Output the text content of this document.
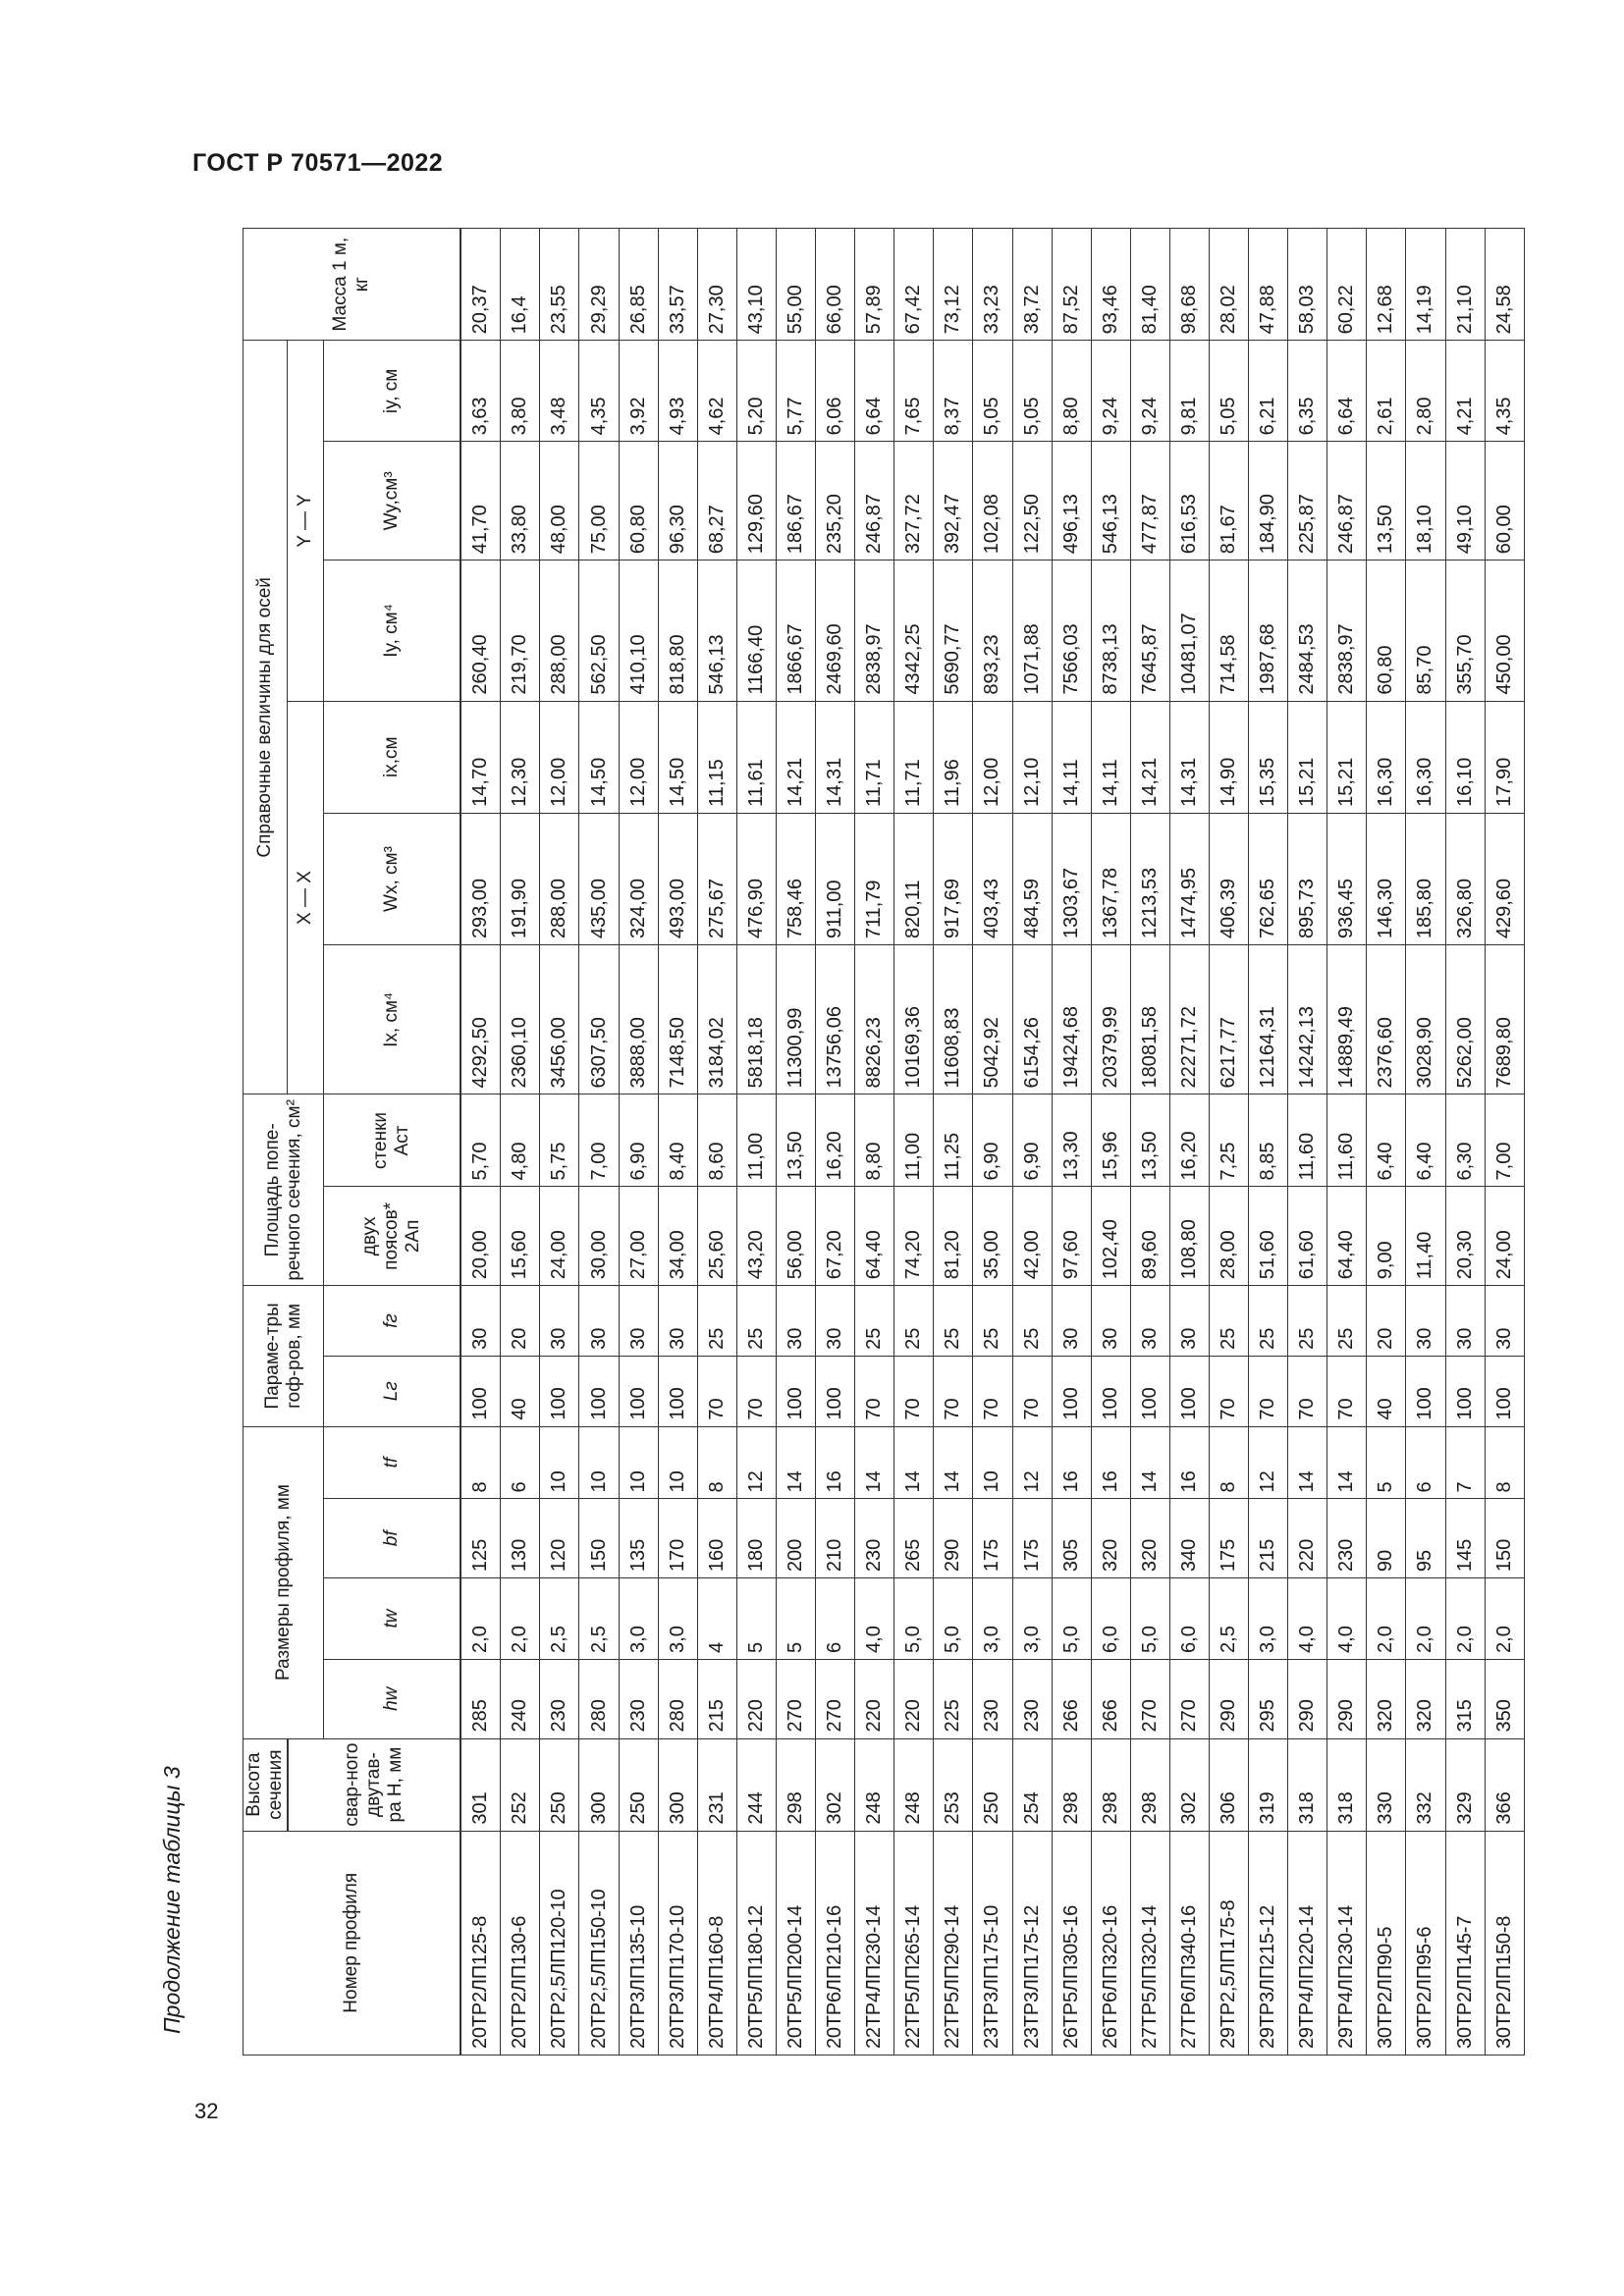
ГОСТ Р 70571—2022
Продолжение таблицы 3
32
Номер профиля	Высота сечения	Размеры профиля, мм				Параме-тры гоф-ров, мм		Площадь попе-речного сечения, см²		Справочные величины для осей						Масса 1 м, кг
	свар-ного двутав-ра H, мм									X — X			Y — Y			
		hw	tw	bf	tf	Lг	fг	двух поясов* 2Aп	стенки Aст	Ix, см⁴	Wx, см³	ix,см	Iy, см⁴	Wy,см³	iy, см	
20ТР2ЛП125-8	301	285	2,0	125	8	100	30	20,00	5,70	4292,50	293,00	14,70	260,40	41,70	3,63	20,37
20ТР2ЛП130-6	252	240	2,0	130	6	40	20	15,60	4,80	2360,10	191,90	12,30	219,70	33,80	3,80	16,4
20ТР2,5ЛП120-10	250	230	2,5	120	10	100	30	24,00	5,75	3456,00	288,00	12,00	288,00	48,00	3,48	23,55
20ТР2,5ЛП150-10	300	280	2,5	150	10	100	30	30,00	7,00	6307,50	435,00	14,50	562,50	75,00	4,35	29,29
20ТР3ЛП135-10	250	230	3,0	135	10	100	30	27,00	6,90	3888,00	324,00	12,00	410,10	60,80	3,92	26,85
20ТР3ЛП170-10	300	280	3,0	170	10	100	30	34,00	8,40	7148,50	493,00	14,50	818,80	96,30	4,93	33,57
20ТР4ЛП160-8	231	215	4	160	8	70	25	25,60	8,60	3184,02	275,67	11,15	546,13	68,27	4,62	27,30
20ТР5ЛП180-12	244	220	5	180	12	70	25	43,20	11,00	5818,18	476,90	11,61	1166,40	129,60	5,20	43,10
20ТР5ЛП200-14	298	270	5	200	14	100	30	56,00	13,50	11300,99	758,46	14,21	1866,67	186,67	5,77	55,00
20ТР6ЛП210-16	302	270	6	210	16	100	30	67,20	16,20	13756,06	911,00	14,31	2469,60	235,20	6,06	66,00
22ТР4ЛП230-14	248	220	4,0	230	14	70	25	64,40	8,80	8826,23	711,79	11,71	2838,97	246,87	6,64	57,89
22ТР5ЛП265-14	248	220	5,0	265	14	70	25	74,20	11,00	10169,36	820,11	11,71	4342,25	327,72	7,65	67,42
22ТР5ЛП290-14	253	225	5,0	290	14	70	25	81,20	11,25	11608,83	917,69	11,96	5690,77	392,47	8,37	73,12
23ТР3ЛП175-10	250	230	3,0	175	10	70	25	35,00	6,90	5042,92	403,43	12,00	893,23	102,08	5,05	33,23
23ТР3ЛП175-12	254	230	3,0	175	12	70	25	42,00	6,90	6154,26	484,59	12,10	1071,88	122,50	5,05	38,72
26ТР5ЛП305-16	298	266	5,0	305	16	100	30	97,60	13,30	19424,68	1303,67	14,11	7566,03	496,13	8,80	87,52
26ТР6ЛП320-16	298	266	6,0	320	16	100	30	102,40	15,96	20379,99	1367,78	14,11	8738,13	546,13	9,24	93,46
27ТР5ЛП320-14	298	270	5,0	320	14	100	30	89,60	13,50	18081,58	1213,53	14,21	7645,87	477,87	9,24	81,40
27ТР6ЛП340-16	302	270	6,0	340	16	100	30	108,80	16,20	22271,72	1474,95	14,31	10481,07	616,53	9,81	98,68
29ТР2,5ЛП175-8	306	290	2,5	175	8	70	25	28,00	7,25	6217,77	406,39	14,90	714,58	81,67	5,05	28,02
29ТР3ЛП215-12	319	295	3,0	215	12	70	25	51,60	8,85	12164,31	762,65	15,35	1987,68	184,90	6,21	47,88
29ТР4ЛП220-14	318	290	4,0	220	14	70	25	61,60	11,60	14242,13	895,73	15,21	2484,53	225,87	6,35	58,03
29ТР4ЛП230-14	318	290	4,0	230	14	70	25	64,40	11,60	14889,49	936,45	15,21	2838,97	246,87	6,64	60,22
30ТР2ЛП90-5	330	320	2,0	90	5	40	20	9,00	6,40	2376,60	146,30	16,30	60,80	13,50	2,61	12,68
30ТР2ЛП95-6	332	320	2,0	95	6	100	30	11,40	6,40	3028,90	185,80	16,30	85,70	18,10	2,80	14,19
30ТР2ЛП145-7	329	315	2,0	145	7	100	30	20,30	6,30	5262,00	326,80	16,10	355,70	49,10	4,21	21,10
30ТР2ЛП150-8	366	350	2,0	150	8	100	30	24,00	7,00	7689,80	429,60	17,90	450,00	60,00	4,35	24,58
